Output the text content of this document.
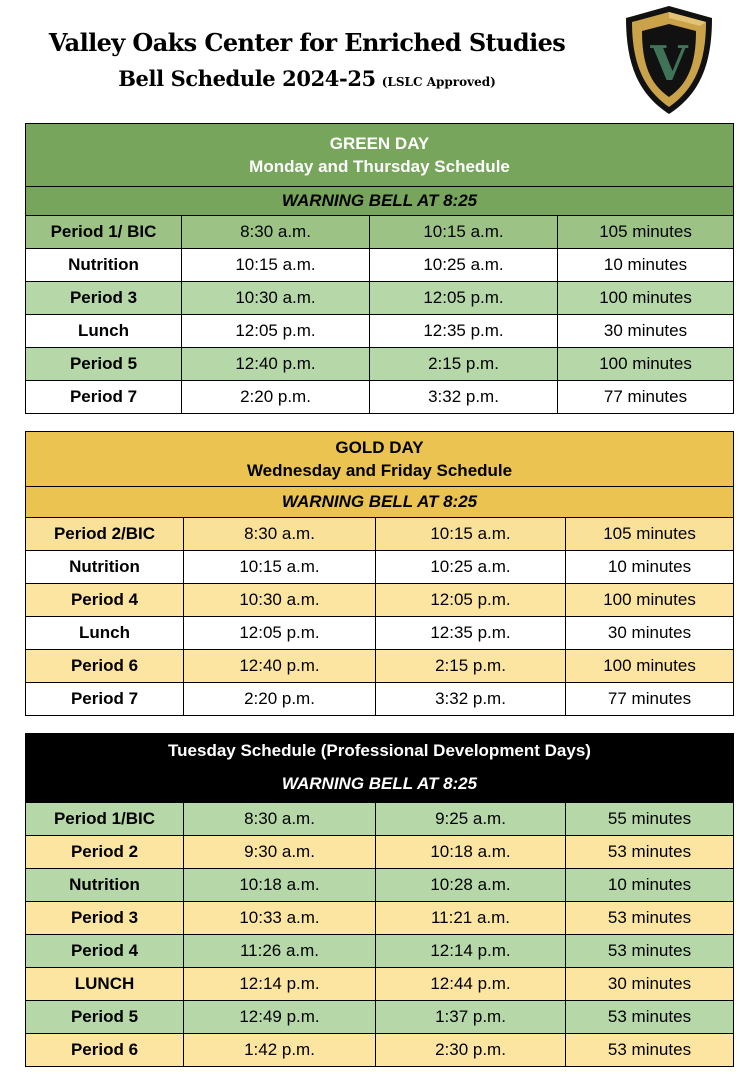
Valley Oaks Center for Enriched Studies
Bell Schedule 2024-25 (LSLC Approved)	V
GREEN DAY
Monday and Thursday Schedule			

WARNING BELL AT 8:25			
Period 1/ BIC	8:30 a.m.	10:15 a.m.	105 minutes
Nutrition	10:15 a.m.	10:25 a.m.	10 minutes
Period 3	10:30 a.m.	12:05 p.m.	100 minutes
Lunch	12:05 p.m.	12:35 p.m.	30 minutes
Period 5	12:40 p.m.	2:15 p.m.	100 minutes
Period 7	2:20 p.m.	3:32 p.m.	77 minutes
GOLD DAY
Wednesday and Friday Schedule			

WARNING BELL AT 8:25			
Period 2/BIC	8:30 a.m.	10:15 a.m.	105 minutes
Nutrition	10:15 a.m.	10:25 a.m.	10 minutes
Period 4	10:30 a.m.	12:05 p.m.	100 minutes
Lunch	12:05 p.m.	12:35 p.m.	30 minutes
Period 6	12:40 p.m.	2:15 p.m.	100 minutes
Period 7	2:20 p.m.	3:32 p.m.	77 minutes
Tuesday Schedule (Professional Development Days)			
WARNING BELL AT 8:25			
Period 1/BIC	8:30 a.m.	9:25 a.m.	55 minutes
Period 2	9:30 a.m.	10:18 a.m.	53 minutes
Nutrition	10:18 a.m.	10:28 a.m.	10 minutes
Period 3	10:33 a.m.	11:21 a.m.	53 minutes
Period 4	11:26 a.m.	12:14 p.m.	53 minutes
LUNCH	12:14 p.m.	12:44 p.m.	30 minutes
Period 5	12:49 p.m.	1:37 p.m.	53 minutes
Period 6	1:42 p.m.	2:30 p.m.	53 minutes
